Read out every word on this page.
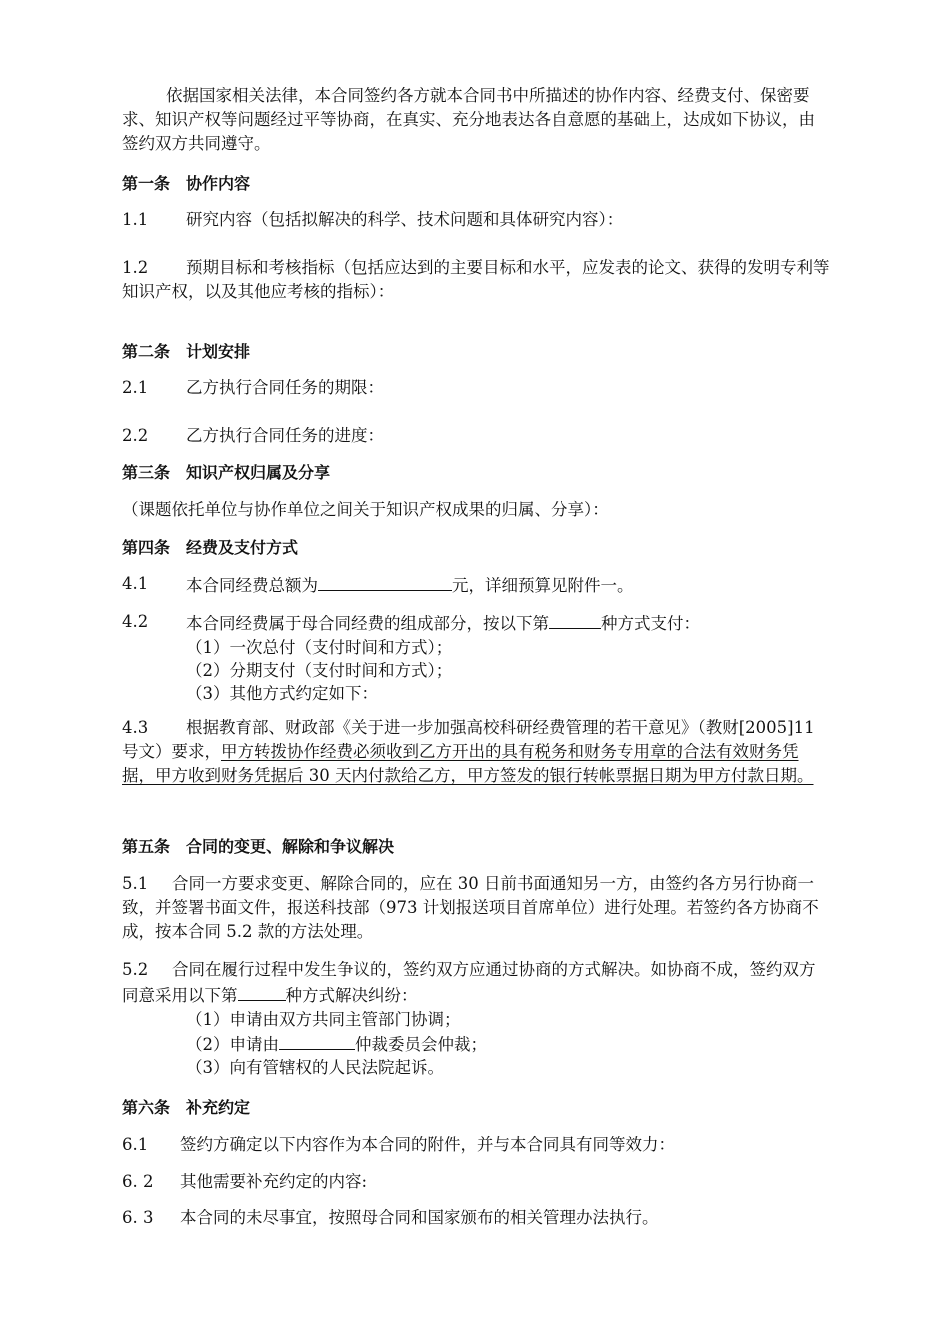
依据国家相关法律，本合同签约各方就本合同书中所描述的协作内容、经费支付、保密要求、知识产权等问题经过平等协商，在真实、充分地表达各自意愿的基础上，达成如下协议，由签约双方共同遵守。

第一条　协作内容
1.1	研究内容（包括拟解决的科学、技术问题和具体研究内容）：

1.2 预期目标和考核指标（包括应达到的主要目标和水平，应发表的论文、获得的发明专利等知识产权，以及其他应考核的指标）：

第二条　计划安排
2.1	乙方执行合同任务的期限：
2.2	乙方执行合同任务的进度：
第三条　知识产权归属及分享
（课题依托单位与协作单位之间关于知识产权成果的归属、分享）：
第四条　经费及支付方式
4.1	本合同经费总额为	元，详细预算见附件一。
4.2	本合同经费属于母合同经费的组成部分，按以下第	种方式支付：
（1）一次总付（支付时间和方式）；
（2）分期支付（支付时间和方式）；
（3）其他方式约定如下：

4.3 根据教育部、财政部《关于进一步加强高校科研经费管理的若干意见》（教财[2005]11 号文）要求，甲方转拨协作经费必须收到乙方开出的具有税务和财务专用章的合法有效财务凭据，甲方收到财务凭据后 30 天内付款给乙方，甲方签发的银行转帐票据日期为甲方付款日期。

第五条　合同的变更、解除和争议解决

5.1 合同一方要求变更、解除合同的，应在 30 日前书面通知另一方，由签约各方另行协商一致，并签署书面文件，报送科技部（973 计划报送项目首席单位）进行处理。若签约各方协商不成，按本合同 5.2 款的方法处理。

5.2 合同在履行过程中发生争议的，签约双方应通过协商的方式解决。如协商不成，签约双方同意采用以下第	种方式解决纠纷：

（1）申请由双方共同主管部门协调；
（2）申请由	仲裁委员会仲裁；
（3）向有管辖权的人民法院起诉。
第六条　补充约定
6.1	签约方确定以下内容作为本合同的附件，并与本合同具有同等效力：
6. 2	其他需要补充约定的内容:
6. 3	本合同的未尽事宜，按照母合同和国家颁布的相关管理办法执行。
